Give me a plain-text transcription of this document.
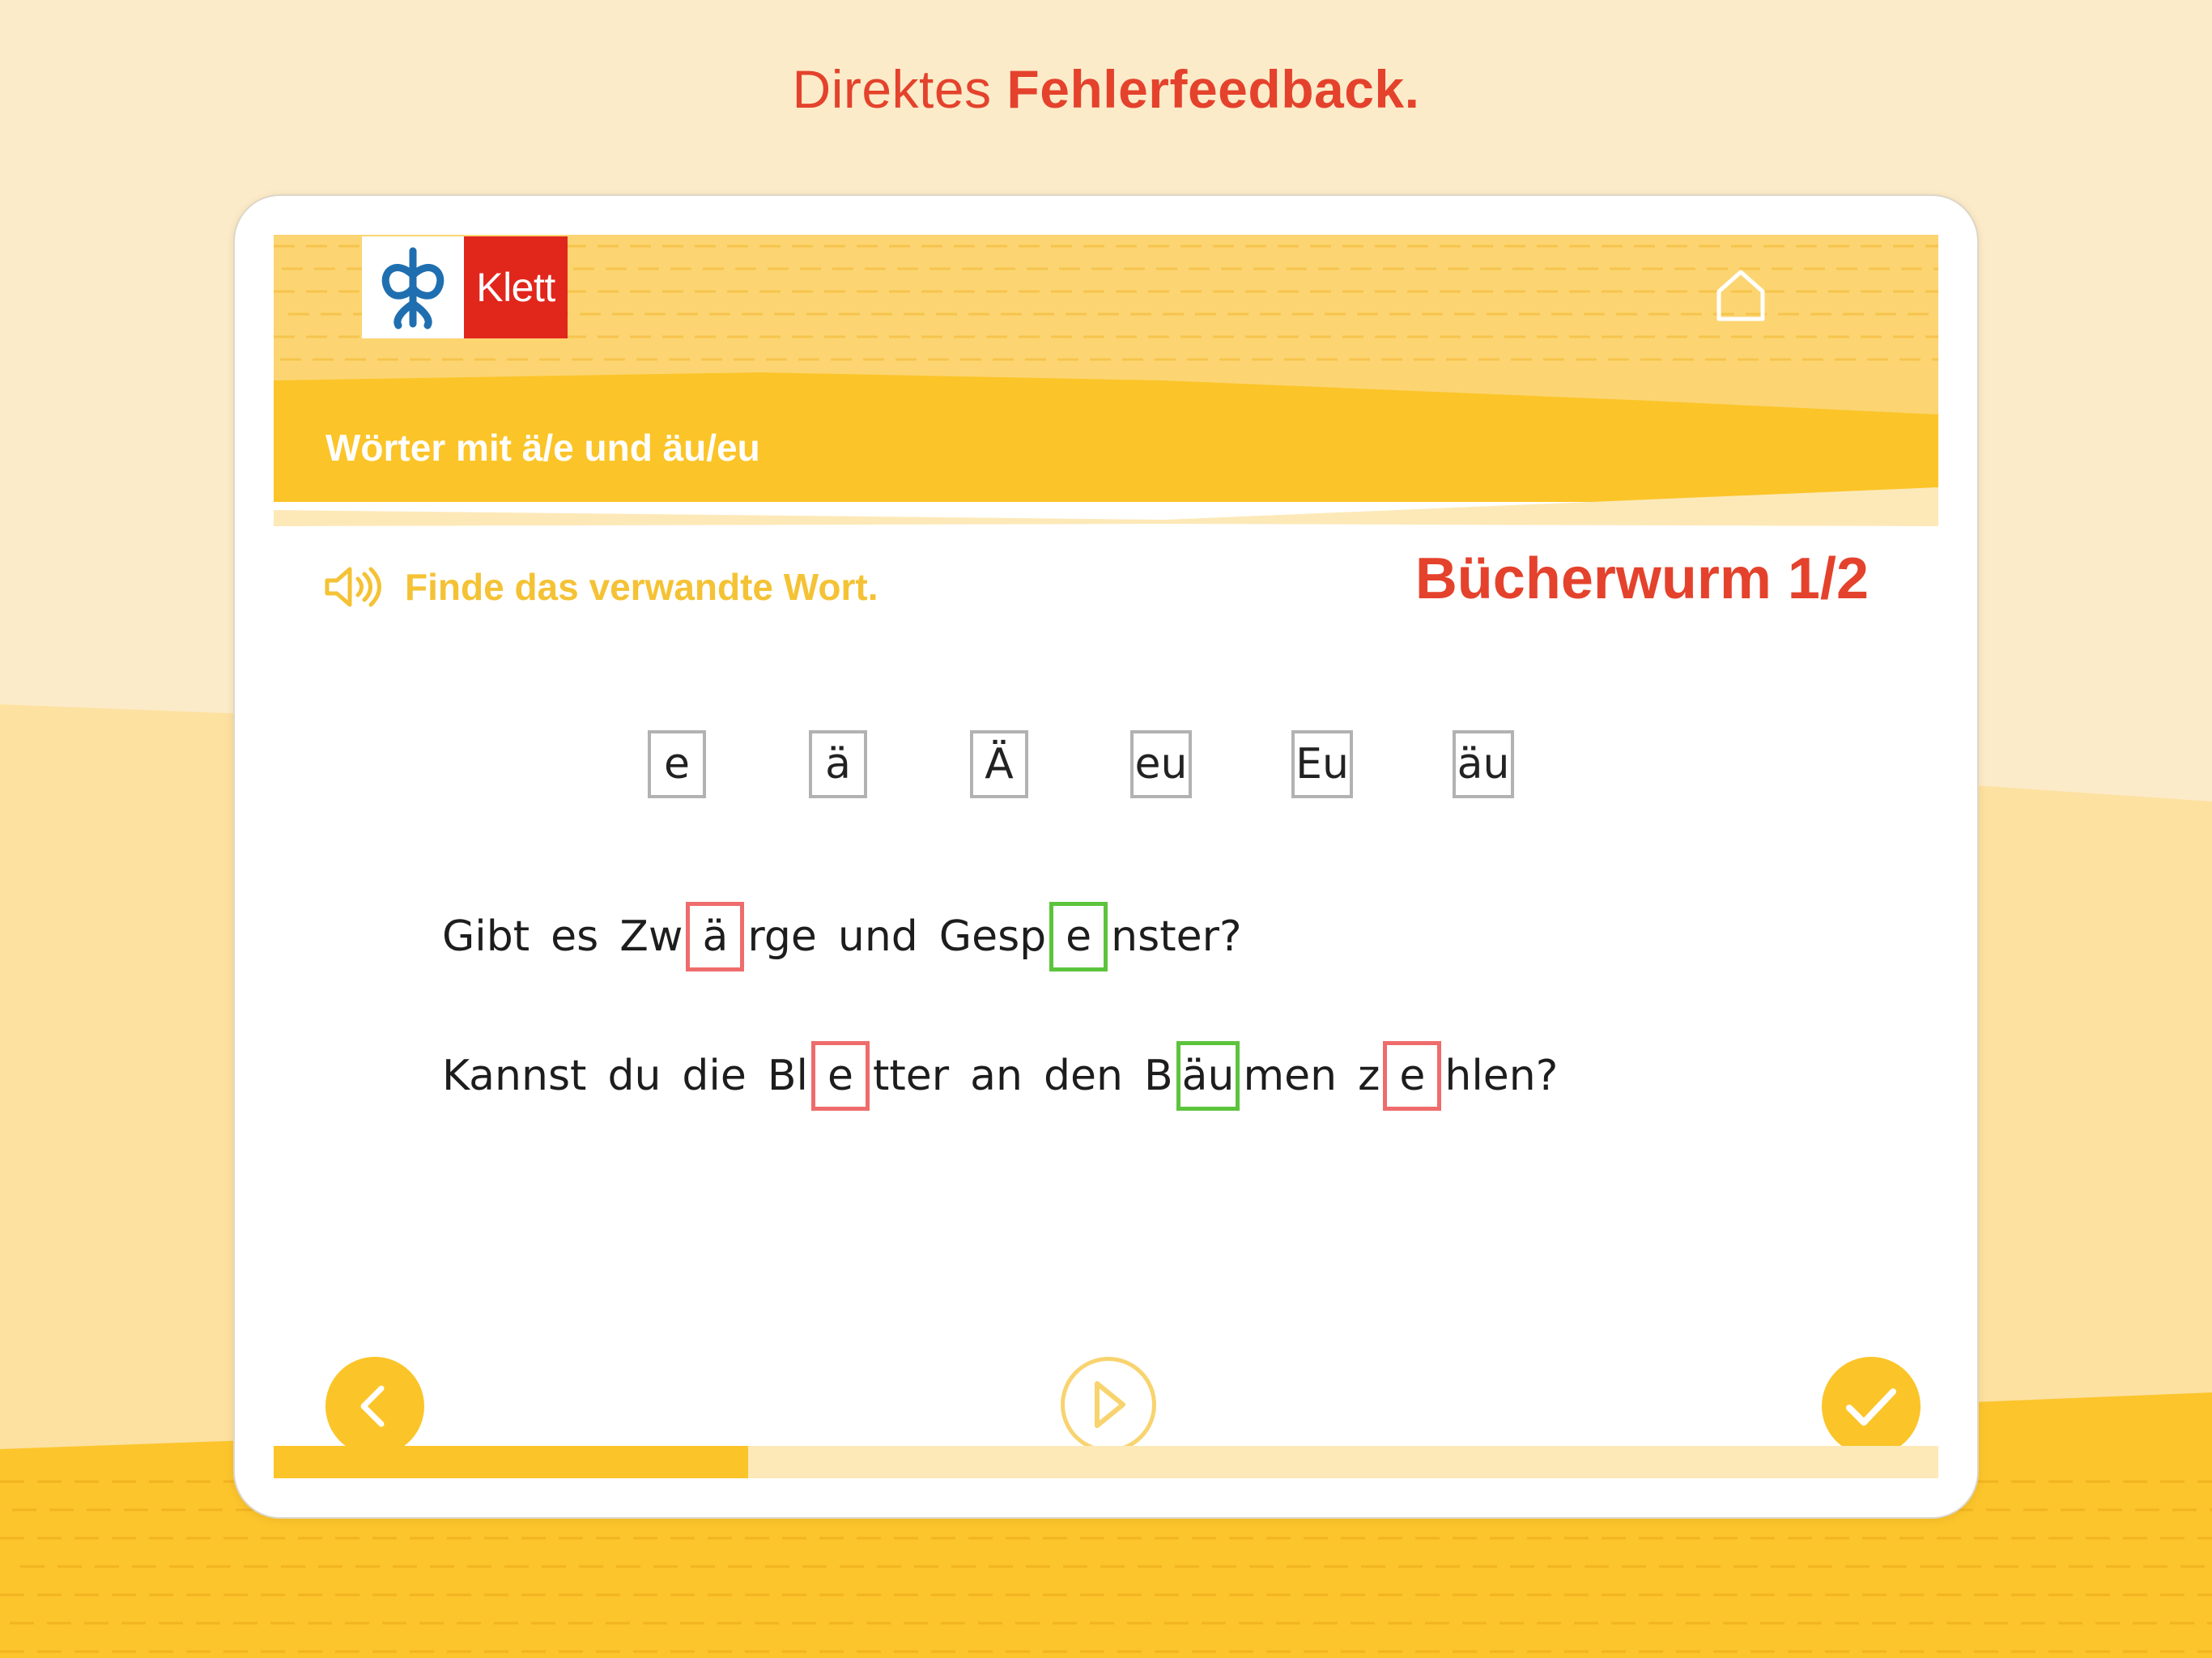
Direktes Fehlerfeedback.
Klett
Wörter mit ä/e und äu/eu
Finde das verwandte Wort.	Bücherwurm 1/2
e	ä	Ä	eu	Eu	äu
Gibt es Zw ä rge und Gesp e nster?
Kannst du die Bl e tter an den B äu men z e hlen?
